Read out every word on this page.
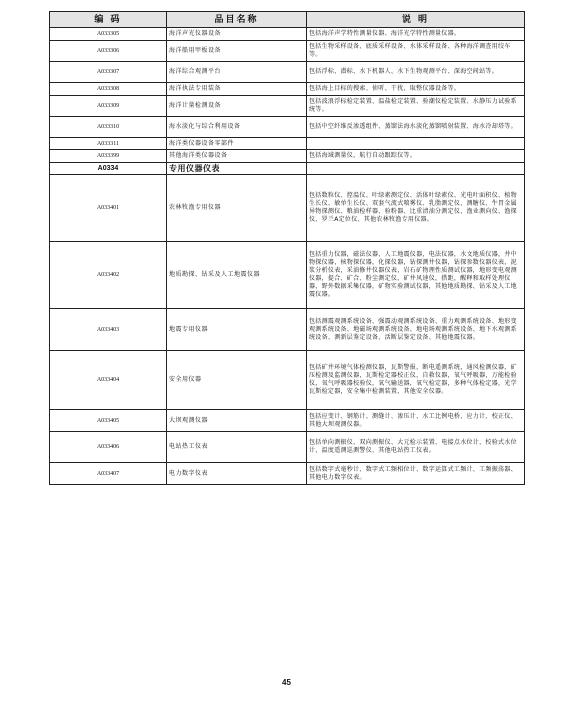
编 码	品目名称	说 明
A033305	海洋声光仪器设备	包括海洋声学特性测量仪器、海洋光学特性测量仪器。
A033306	海洋船用甲板设备	包括生物采样设备、底质采样设备、水体采样设备、各种海洋调查用绞车等。
A033307	海洋综合观测平台	包括浮标、潜标、水下机器人、水下生物观测平台、深海空间站等。
A033308	海洋执法专用装备	包括海上目标的搜索、侦听、干扰、取整仪器设备等。
A033309	海洋计量检测设备	包括波浪浮标检定装置、温盐检定装置、验潮仪检定装置、水静压力试验系统等。
A033310	海水淡化与综合利用设备	包括中空纤维反渗透组件、蒸馏法海水淡化蒸馏喷射装置、海水冷却塔等。
A033311	海洋类仪器设备零部件	
A033399	其他海洋类仪器设备	包括海域测量仪，航行自动跟踪仪等。
A0334	专用仪器仪表	
A033401	农林牧渔专用仪器	包括数粒仪、控温仪、叶绿素测定仪、活体叶绿素仪、光电叶面积仪、植物生长仪、敏单生长仪、双套气流式喷雾仪、乳脂测定仪、测糖仪、牛胃金属异物探测仪、粮油检样器、验粉器、比重清油分测定仪、渔业测向仪、渔探仪、罗兰A定位仪、其他农林牧渔专用仪器。
A033402	地质勘探、钻采及人工地震仪器	包括重力仪器，磁法仪器，人工地震仪器，电法仪器，水文地质仪器，井中物探仪器，核物探仪器，化探仪器，钻探测井仪器，钻探参数仪器仪表，泥浆分析仪表，采油修井仪器仪表，岩石矿物理性质测试仪器，地形变电观测仪器，提合、矿合、粉尘测定仪，矿井风速仪，措距，醒释和取样处理仪器，野外数据采集仪器，矿物实验测试仪器，其他地质勘探、钻采及人工地震仪器。
A033403	地震专用仪器	包括测震观测系统设备、强震动观测系统设备、重力观测系统设备、地形变观测系统设备、地磁场观测系统设备、地电场观测系统设备、地下水观测系统设备、测新层鉴定设备、活断层鉴定设备、其他地震仪器。
A033404	安全用仪器	包括矿井环境气体检测仪器，瓦斯警报，断电遥测系统，通风检测仪器，矿压检测及监测仪器，瓦斯检定器校正仪，自救仪器，氧气呼吸器，万能检验仪，氧气呼吸器校验仪，氧气输送器，氧气检定器，多种气体检定器，光学瓦斯检定器，安全集中检测装置，其他安全仪器。
A033405	大坝观测仪器	包括应变计、钢筋计、测缝计、渗压计、水工比例电桥、应力计、校正仪、其他大坝观测仪器。
A033406	电站热工仪表	包括单向测振仪、双向测振仪、大元检示装置、电接点水位计、校验式水位计、温度遥测巡测警仪、其他电站热工仪表。
A033407	电力数字仪表	包括数字式毫秒计、数字式工频相位计、数字运算式工频计、工频振荡器、其他电力数字仪表。
45
